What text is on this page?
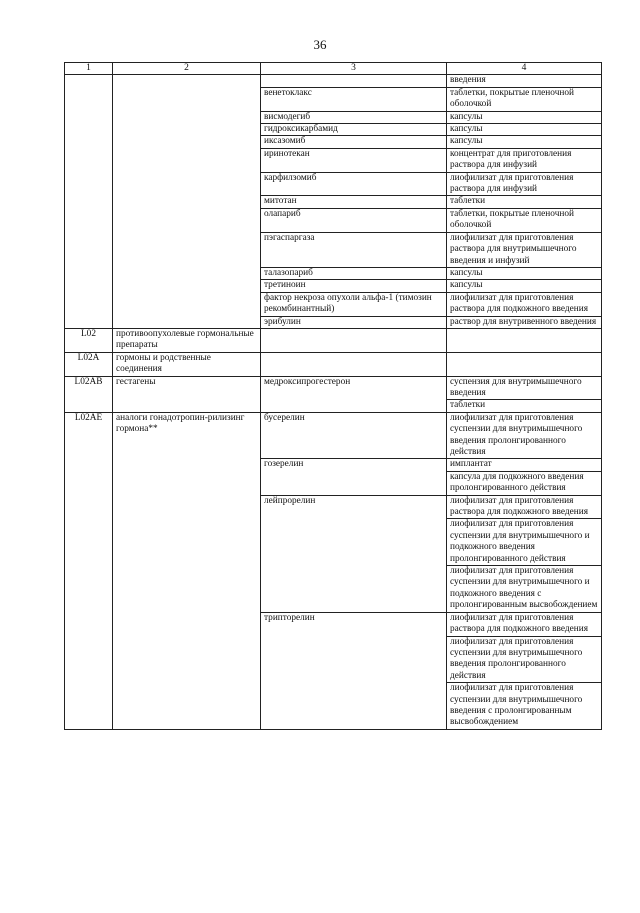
36
1	2	3	4
			введения
		венетоклакс	таблетки, покрытые пленочной оболочкой
		висмодегиб	капсулы
		гидроксикарбамид	капсулы
		иксазомиб	капсулы
		иринотекан	концентрат для приготовления раствора для инфузий
		карфилзомиб	лиофилизат для приготовления раствора для инфузий
		митотан	таблетки
		олапариб	таблетки, покрытые пленочной оболочкой
		пэгаспаргаза	лиофилизат для приготовления раствора для внутримышечного введения и инфузий
		талазопариб	капсулы
		третиноин	капсулы
		фактор некроза опухоли альфа-1 (тимозин рекомбинантный)	лиофилизат для приготовления раствора для подкожного введения
		эрибулин	раствор для внутривенного введения
L02	противоопухолевые гормональные препараты		
L02A	гормоны и родственные соединения		
L02AB	гестагены	медроксипрогестерон	суспензия для внутримышечного введения
			таблетки
L02AE	аналоги гонадотропин-рилизинг гормона**	бусерелин	лиофилизат для приготовления суспензии для внутримышечного введения пролонгированного действия
		гозерелин	имплантат
			капсула для подкожного введения пролонгированного действия
		лейпрорелин	лиофилизат для приготовления раствора для подкожного введения
			лиофилизат для приготовления суспензии для внутримышечного и подкожного введения пролонгированного действия
			лиофилизат для приготовления суспензии для внутримышечного и подкожного введения с пролонгированным высвобождением
		трипторелин	лиофилизат для приготовления раствора для подкожного введения
			лиофилизат для приготовления суспензии для внутримышечного введения пролонгированного действия
			лиофилизат для приготовления суспензии для внутримышечного введения с пролонгированным высвобождением
